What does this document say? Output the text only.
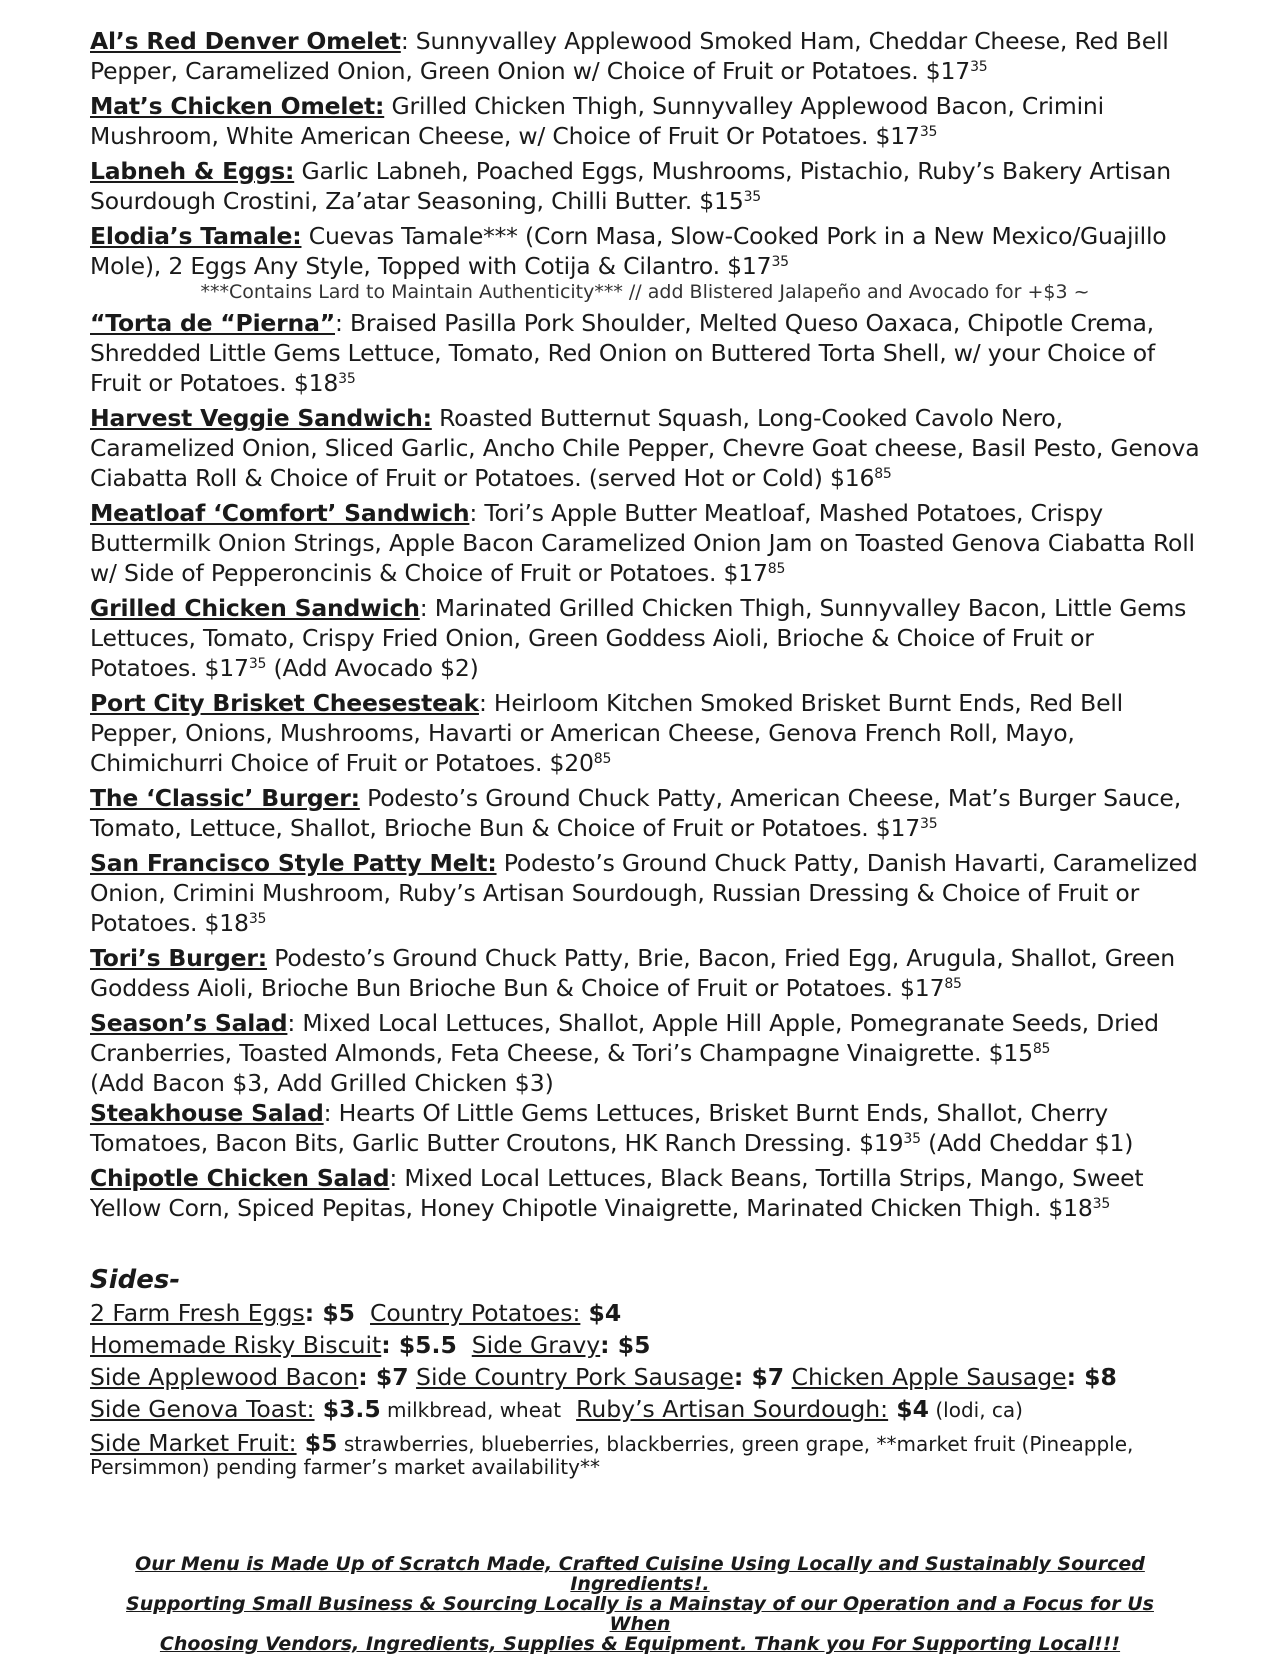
Al’s Red Denver Omelet: Sunnyvalley Applewood Smoked Ham, Cheddar Cheese, Red Bell Pepper, Caramelized Onion, Green Onion w/ Choice of Fruit or Potatoes. $\$17^{35}$

Mat’s Chicken Omelet: Grilled Chicken Thigh, Sunnyvalley Applewood Bacon, Crimini Mushroom, White American Cheese, w/ Choice of Fruit Or Potatoes. $\$17^{35}$

Labneh & Eggs: Garlic Labneh, Poached Eggs, Mushrooms, Pistachio, Ruby’s Bakery Artisan Sourdough Crostini, Za’atar Seasoning, Chilli Butter. $\$15^{35}$

Elodia’s Tamale: Cuevas Tamale*** (Corn Masa, Slow-Cooked Pork in a New Mexico/Guajillo Mole), 2 Eggs Any Style, Topped with Cotija & Cilantro. $\$17^{35}$

***Contains Lard to Maintain Authenticity*** // add Blistered Jalapeño and Avocado for +$3 ~

“Torta de “Pierna”: Braised Pasilla Pork Shoulder, Melted Queso Oaxaca, Chipotle Crema, Shredded Little Gems Lettuce, Tomato, Red Onion on Buttered Torta Shell, w/ your Choice of Fruit or Potatoes. $\$18^{35}$

Harvest Veggie Sandwich: Roasted Butternut Squash, Long-Cooked Cavolo Nero, Caramelized Onion, Sliced Garlic, Ancho Chile Pepper, Chevre Goat cheese, Basil Pesto, Genova Ciabatta Roll & Choice of Fruit or Potatoes. (served Hot or Cold) $\$16^{85}$

Meatloaf ‘Comfort’ Sandwich: Tori’s Apple Butter Meatloaf, Mashed Potatoes, Crispy Buttermilk Onion Strings, Apple Bacon Caramelized Onion Jam on Toasted Genova Ciabatta Roll w/ Side of Pepperoncinis & Choice of Fruit or Potatoes. $\$17^{85}$

Grilled Chicken Sandwich: Marinated Grilled Chicken Thigh, Sunnyvalley Bacon, Little Gems Lettuces, Tomato, Crispy Fried Onion, Green Goddess Aioli, Brioche & Choice of Fruit or Potatoes. $\$17^{35}$ (Add Avocado $2)

Port City Brisket Cheesesteak: Heirloom Kitchen Smoked Brisket Burnt Ends, Red Bell Pepper, Onions, Mushrooms, Havarti or American Cheese, Genova French Roll, Mayo, Chimichurri Choice of Fruit or Potatoes. $\$20^{85}$

The ‘Classic’ Burger: Podesto’s Ground Chuck Patty, American Cheese, Mat’s Burger Sauce, Tomato, Lettuce, Shallot, Brioche Bun & Choice of Fruit or Potatoes. $\$17^{35}$

San Francisco Style Patty Melt: Podesto’s Ground Chuck Patty, Danish Havarti, Caramelized Onion, Crimini Mushroom, Ruby’s Artisan Sourdough, Russian Dressing & Choice of Fruit or Potatoes. $\$18^{35}$

Tori’s Burger: Podesto’s Ground Chuck Patty, Brie, Bacon, Fried Egg, Arugula, Shallot, Green Goddess Aioli, Brioche Bun Brioche Bun & Choice of Fruit or Potatoes. $\$17^{85}$

Season’s Salad: Mixed Local Lettuces, Shallot, Apple Hill Apple, Pomegranate Seeds, Dried Cranberries, Toasted Almonds, Feta Cheese, & Tori’s Champagne Vinaigrette. $\$15^{85}$

(Add Bacon $3, Add Grilled Chicken $3)

Steakhouse Salad: Hearts Of Little Gems Lettuces, Brisket Burnt Ends, Shallot, Cherry Tomatoes, Bacon Bits, Garlic Butter Croutons, HK Ranch Dressing. $\$19^{35}$ (Add Cheddar $1)

Chipotle Chicken Salad: Mixed Local Lettuces, Black Beans, Tortilla Strips, Mango, Sweet Yellow Corn, Spiced Pepitas, Honey Chipotle Vinaigrette, Marinated Chicken Thigh. $\$18^{35}$

Sides-

2 Farm Fresh Eggs: $5 Country Potatoes: $4

Homemade Risky Biscuit: $5.5 Side Gravy: $5

Side Applewood Bacon: $7 Side Country Pork Sausage: $7 Chicken Apple Sausage: $8

Side Genova Toast: $3.5 milkbread, wheat Ruby’s Artisan Sourdough: $4 (lodi, ca)

Side Market Fruit: $5 strawberries, blueberries, blackberries, green grape, **market fruit (Pineapple, Persimmon) pending farmer’s market availability**

Our Menu is Made Up of Scratch Made, Crafted Cuisine Using Locally and Sustainably Sourced Ingredients!.
Supporting Small Business & Sourcing Locally is a Mainstay of our Operation and a Focus for Us When
Choosing Vendors, Ingredients, Supplies & Equipment. Thank you For Supporting Local!!!
